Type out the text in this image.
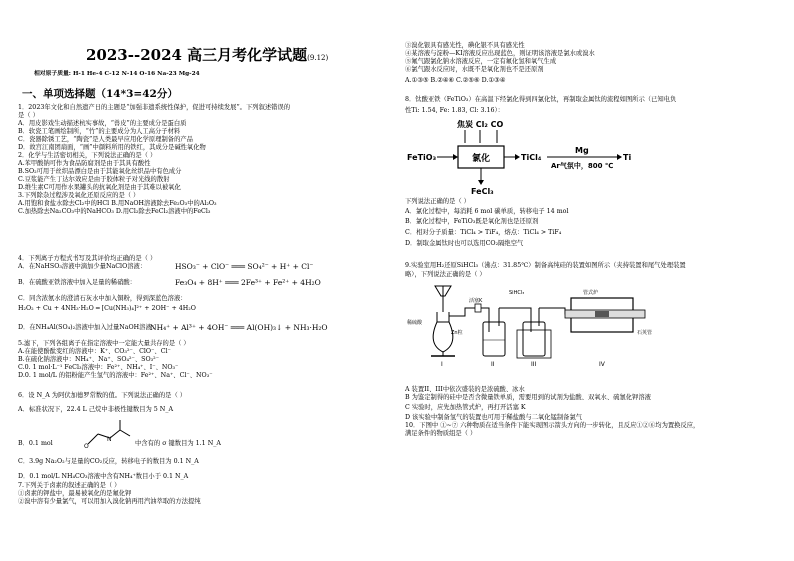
2023--2024 高三月考化学试题(9.12)
相对原子质量: H-1 He-4 C-12 N-14 O-16 Na-23 Mg-24
一、单项选择题（14*3=42分）
1．2023年文化和自然遗产日的主题是“加强非遗系统性保护，促进可持续发展”。下列叙述错误的
是（ ）
A．用皮影戏生动描述杭实事故，“兽皮”的主要成分是蛋白质
B．软瓷工笔画绘制所，“竹”的主要成分为人工高分子材料
C．瓷器除锈工艺，“陶瓷”是人类最早应用化学原理制备的产品
D．故宫江南团扇面，“画”中颜料所用的铁红，其成分是碱性氧化物
2．化学与生活密切相关，下列说法正确的是（ ）
A.苯甲酸钠可作为食品防腐剂是由于其具有酸性
B.SO₂可用于丝织品漂白是由于其能氧化丝织品中有色成分
C.豆浆能产生丁达尔效应是由于胶体粒子对光线的散射
D.维生素C可用作水果罐头的抗氧化剂是由于其难以被氧化
3.下列除杂过程涉及氧化还原反应的是（ ）
A.用饱和食盐水除去Cl₂中的HCl B.用NaOH溶液除去Fe₂O₃中的Al₂O₃
C.加热除去Na₂CO₃中的NaHCO₃ D.用Cl₂除去FeCl₂溶液中的FeCl₃
4．下列离子方程式书写及其评价均正确的是（ ）
A．在NaHSO₃溶液中滴加少量NaClO溶液：
B．在硫酸亚铁溶液中加入足量的稀硝酸：
C．同含浓氨水的澄清石灰水中加入铜粉，得到深蓝色溶液：
H₂O₂ + Cu + 4NH₃·H₂O ═ [Cu(NH₃)₄]²⁺ + 2OH⁻ + 4H₂O
D．在NH₄Al(SO₄)₂溶液中加入过量NaOH溶液：
5.滤下，下列各组离子在指定溶液中一定能大量共存的是（ ）
A.在能使酚酞变红的溶液中：K⁺、CO₃²⁻、ClO⁻、Cl⁻
B.在硫化钠溶液中：NH₄⁺、Na⁺、SO₄²⁻、SO₃²⁻
C.0. 1 mol·L⁻¹ FeCl₃溶液中：Fe²⁺、NH₄⁺、I⁻、NO₃⁻
D.0. 1 mol/L 的铝粉能产生氢气的溶液中：Fe²⁺、Na⁺、Cl⁻、NO₃⁻
6．设 N_A 为阿伏加德罗常数的值。下列说法正确的是（ ）
A．标准状况下，22.4 L 己烷中非极性键数目为 5 N_A
中含有的 σ 键数目为 1.1 N_A
C．3.9g Na₂O₂与足量的CO₂反应，转移电子的数目为 0.1 N_A
D．0.1 mol/L NH₄CO₃溶液中含有NH₄⁺数目小于 0.1 N_A
7.下列关于卤素的叙述正确的是（ ）
①卤素的钾盐中，最易被氧化的是氟化钾
②溴中溶有少量氯气，可以用加入溴化钠再用汽油萃取的方法提纯
HSO₃⁻ + ClO⁻ ═══ SO₄²⁻ + H⁺ + Cl⁻
Fe₃O₄ + 8H⁺ ═══ 2Fe³⁺ + Fe²⁺ + 4H₂O
NH₄⁺ + Al³⁺ + 4OH⁻ ═══ Al(OH)₃↓ + NH₃·H₂O
B．0.1 mol	O
N
③溴化银具有感光性，碘化银不具有感光性
④某溶液与淀粉—KI溶液反应出现蓝色，则证明该溶液是氯水或溴水
⑤氟气跟氯化钠水溶液反应，一定有氟化氢和氧气生成
⑥氯气跟水反应时，水既不是氧化剂也不是还原剂
A.①③⑤ B.②④⑥ C.②⑤⑥ D.①③④
8．钛酸亚铁（FeTiO₃）在高温下经氯化得到四氯化钛，再制取金属钛的流程如图所示（已知电负
性Ti: 1.54, Fe: 1.83, Cl: 3.16）：
下列说法正确的是（ ）
A．氯化过程中，每消耗 6 mol 碳单质，转移电子 14 mol
B．氯化过程中，FeTiO₃既是氧化剂也是还原剂
C．相对分子质量：TiCl₄ > TiF₄，熔点：TiCl₄ > TiF₄
D．制取金属钛时也可以选用CO₂隔绝空气
9.实验室用H₂还原SiHCl₃（沸点：31.85℃）制备高纯硅的装置如图所示（夹持装置和尾气处理装置
略），下列说法正确的是（ ）
A 装置II、III中依次盛装的是浓硫酸、冰水
B 为鉴定制得的硅中是否含微量铁单质，需要用到的试剂为盐酸、双氧水、硫氰化钾溶液
C 实验时，应先加热管式炉，再打开活塞 K
D 该实验中制备氢气的装置也可用于稀盐酸与二氧化锰制备氯气
10．下图中 ①~⑦ 六种物质在适当条件下能实现图示箭头方向的一步转化，且反应①②⑥均为置换反应，
满足条件的物质组是（ ）
焦炭 Cl₂ CO
FeTiO₃	氯化	TiCl₄
Mg
Ar气氛中，800 ℃
Ti
FeCl₃
稀硫酸
Zn粒
I
活塞K
II
SiHCl₃
III
管式炉
石英管
IV
